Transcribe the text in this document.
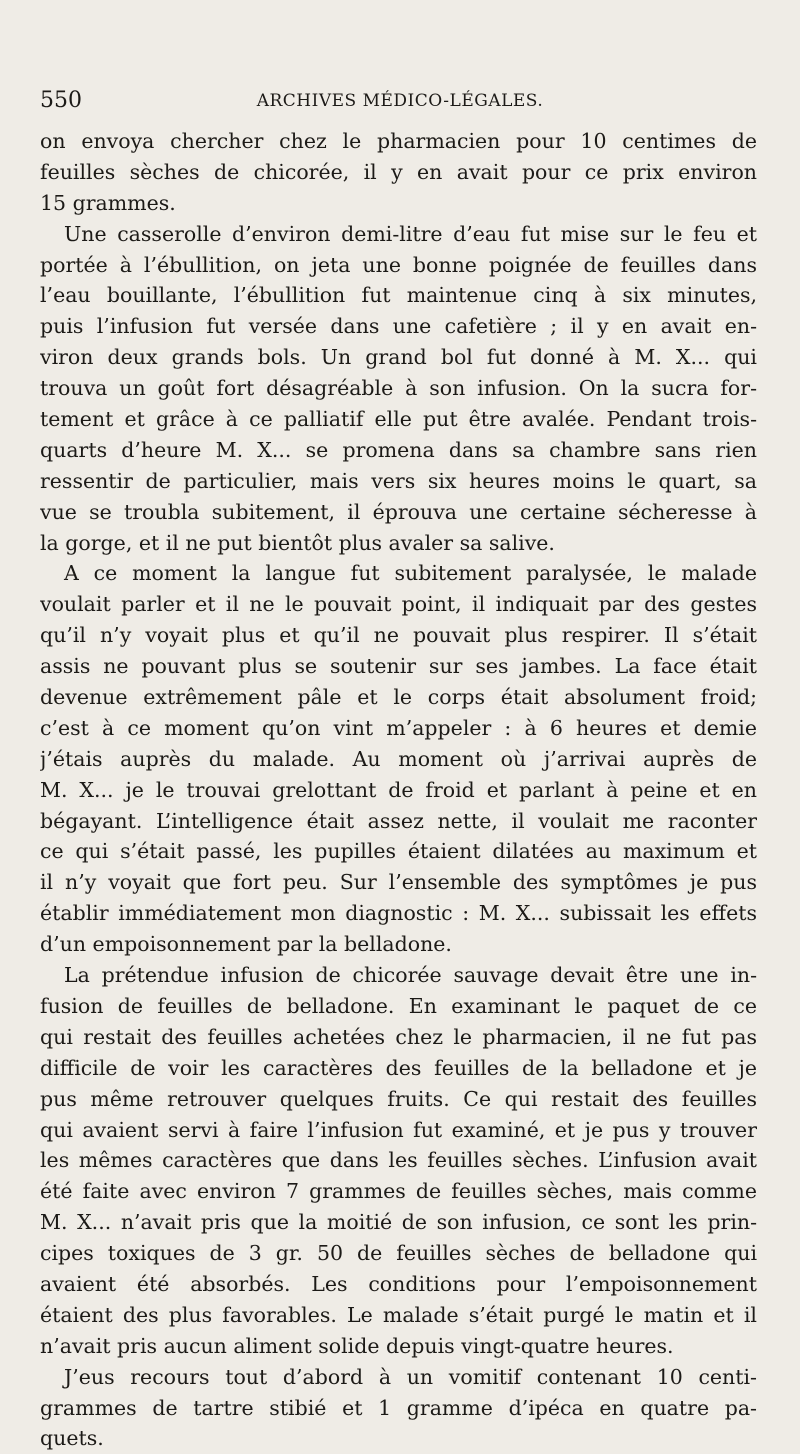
550	ARCHIVES MÉDICO-LÉGALES.
on envoya chercher chez le pharmacien pour 10 centimes de
feuilles sèches de chicorée, il y en avait pour ce prix environ
15 grammes.
Une casserolle d’environ demi-litre d’eau fut mise sur le feu et
portée à l’ébullition, on jeta une bonne poignée de feuilles dans
l’eau bouillante, l’ébullition fut maintenue cinq à six minutes,
puis l’infusion fut versée dans une cafetière ; il y en avait en-
viron deux grands bols. Un grand bol fut donné à M. X... qui
trouva un goût fort désagréable à son infusion. On la sucra for-
tement et grâce à ce palliatif elle put être avalée. Pendant trois-
quarts d’heure M. X... se promena dans sa chambre sans rien
ressentir de particulier, mais vers six heures moins le quart, sa
vue se troubla subitement, il éprouva une certaine sécheresse à
la gorge, et il ne put bientôt plus avaler sa salive.
A ce moment la langue fut subitement paralysée, le malade
voulait parler et il ne le pouvait point, il indiquait par des gestes
qu’il n’y voyait plus et qu’il ne pouvait plus respirer. Il s’était
assis ne pouvant plus se soutenir sur ses jambes. La face était
devenue extrêmement pâle et le corps était absolument froid;
c’est à ce moment qu’on vint m’appeler : à 6 heures et demie
j’étais auprès du malade. Au moment où j’arrivai auprès de
M. X... je le trouvai grelottant de froid et parlant à peine et en
bégayant. L’intelligence était assez nette, il voulait me raconter
ce qui s’était passé, les pupilles étaient dilatées au maximum et
il n’y voyait que fort peu. Sur l’ensemble des symptômes je pus
établir immédiatement mon diagnostic : M. X... subissait les effets
d’un empoisonnement par la belladone.
La prétendue infusion de chicorée sauvage devait être une in-
fusion de feuilles de belladone. En examinant le paquet de ce
qui restait des feuilles achetées chez le pharmacien, il ne fut pas
difficile de voir les caractères des feuilles de la belladone et je
pus même retrouver quelques fruits. Ce qui restait des feuilles
qui avaient servi à faire l’infusion fut examiné, et je pus y trouver
les mêmes caractères que dans les feuilles sèches. L’infusion avait
été faite avec environ 7 grammes de feuilles sèches, mais comme
M. X... n’avait pris que la moitié de son infusion, ce sont les prin-
cipes toxiques de 3 gr. 50 de feuilles sèches de belladone qui
avaient été absorbés. Les conditions pour l’empoisonnement
étaient des plus favorables. Le malade s’était purgé le matin et il
n’avait pris aucun aliment solide depuis vingt-quatre heures.
J’eus recours tout d’abord à un vomitif contenant 10 centi-
grammes de tartre stibié et 1 gramme d’ipéca en quatre pa-
quets.
